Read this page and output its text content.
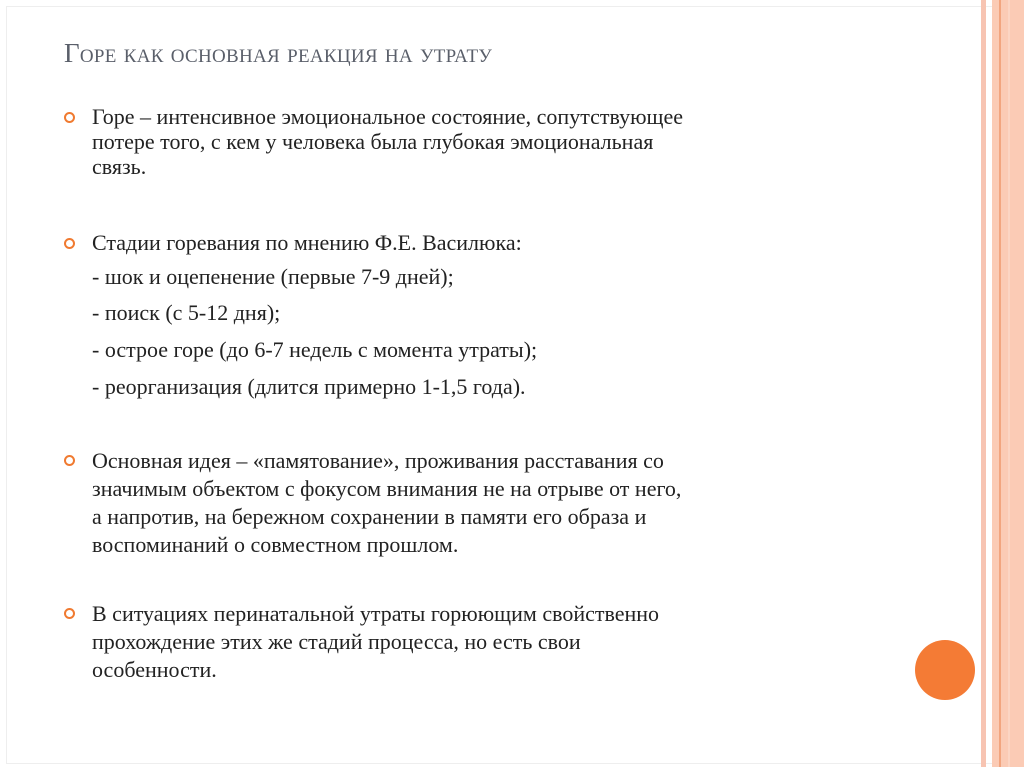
Горе как основная реакция на утрату
Горе – интенсивное эмоциональное состояние, сопутствующее
потере того, с кем у человека была глубокая эмоциональная
связь.
Стадии горевания по мнению Ф.Е. Василюка:
- шок и оцепенение (первые 7-9 дней);
- поиск (с 5-12 дня);
- острое горе (до 6-7 недель с момента утраты);
- реорганизация (длится примерно 1-1,5 года).
Основная идея – «памятование», проживания расставания со
значимым объектом с фокусом внимания не на отрыве от него,
а напротив, на бережном сохранении в памяти его образа и
воспоминаний о совместном прошлом.
В ситуациях перинатальной утраты горюющим свойственно
прохождение этих же стадий процесса, но есть свои
особенности.
